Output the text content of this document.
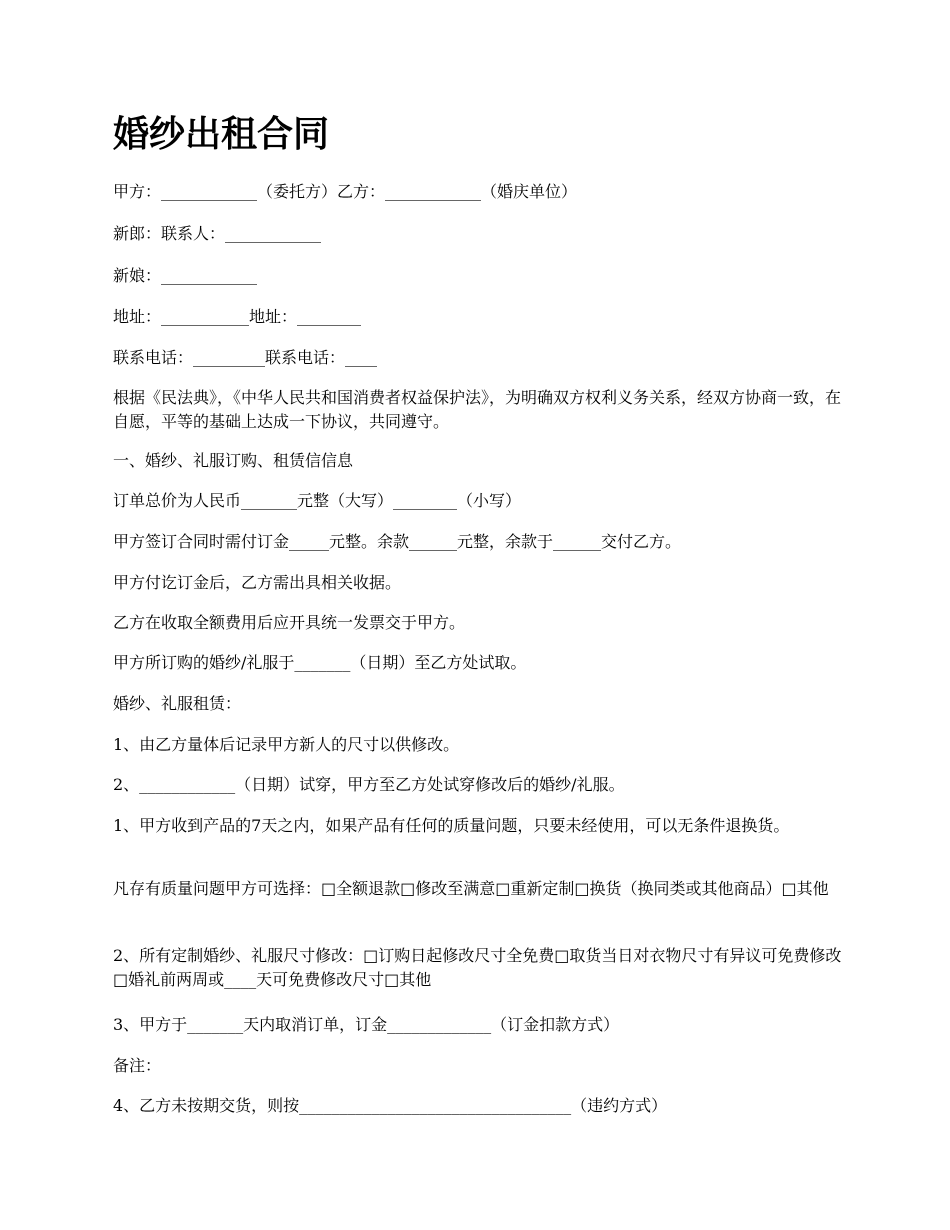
婚纱出租合同

甲方：____________（委托方）乙方：____________（婚庆单位）

新郎：联系人：____________

新娘：____________

地址：___________地址：________

联系电话：_________联系电话：____

根据《民法典》，《中华人民共和国消费者权益保护法》，为明确双方权利义务关系，经双方协商一致，在自愿，平等的基础上达成一下协议，共同遵守。

一、婚纱、礼服订购、租赁信信息

订单总价为人民币_______元整（大写）________（小写）

甲方签订合同时需付订金_____元整。余款______元整，余款于______交付乙方。

甲方付讫订金后，乙方需出具相关收据。

乙方在收取全额费用后应开具统一发票交于甲方。

甲方所订购的婚纱/礼服于_______（日期）至乙方处试取。

婚纱、礼服租赁：

1、由乙方量体后记录甲方新人的尺寸以供修改。

2、____________（日期）试穿，甲方至乙方处试穿修改后的婚纱/礼服。

1、甲方收到产品的7天之内，如果产品有任何的质量问题，只要未经使用，可以无条件退换货。

凡存有质量问题甲方可选择：□全额退款□修改至满意□重新定制□换货（换同类或其他商品）□其他

2、所有定制婚纱、礼服尺寸修改：□订购日起修改尺寸全免费□取货当日对衣物尺寸有异议可免费修改□婚礼前两周或____天可免费修改尺寸□其他

3、甲方于_______天内取消订单，订金_____________（订金扣款方式）

备注：

4、乙方未按期交货，则按__________________________________（违约方式）
